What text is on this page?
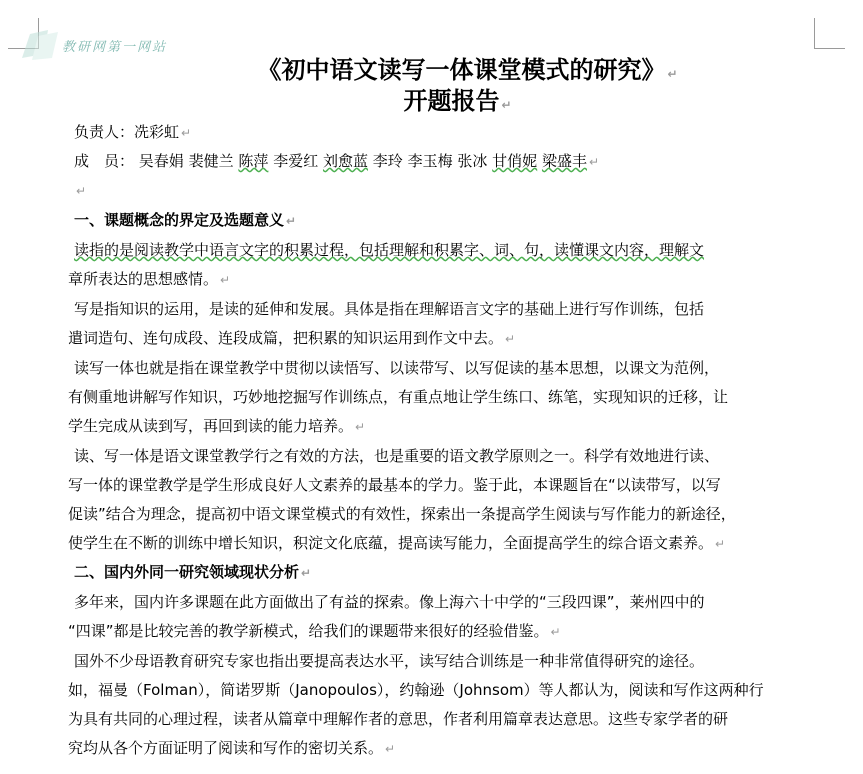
教研网第一网站
《初中语文读写一体课堂模式的研究》 ↵
开题报告 ↵
负责人：冼彩虹 ↵
成　员： 吴春娟 裴健兰 陈萍 李爱红 刘愈蓝 李玲 李玉梅 张冰 甘俏妮 梁盛丰 ↵
↵
一、课题概念的界定及选题意义 ↵
读指的是阅读教学中语言文字的积累过程，包括理解和积累字、词、句，读懂课文内容，理解文
章所表达的思想感情。 ↵
写是指知识的运用，是读的延伸和发展。具体是指在理解语言文字的基础上进行写作训练，包括
遣词造句、连句成段、连段成篇，把积累的知识运用到作文中去。 ↵
读写一体也就是指在课堂教学中贯彻以读悟写、以读带写、以写促读的基本思想，以课文为范例，
有侧重地讲解写作知识，巧妙地挖掘写作训练点，有重点地让学生练口、练笔，实现知识的迁移，让
学生完成从读到写，再回到读的能力培养。 ↵
读、写一体是语文课堂教学行之有效的方法，也是重要的语文教学原则之一。科学有效地进行读、
写一体的课堂教学是学生形成良好人文素养的最基本的学力。鉴于此，本课题旨在“以读带写，以写
促读”结合为理念，提高初中语文课堂模式的有效性，探索出一条提高学生阅读与写作能力的新途径，
使学生在不断的训练中增长知识，积淀文化底蕴，提高读写能力，全面提高学生的综合语文素养。 ↵
二、国内外同一研究领域现状分析 ↵
多年来，国内许多课题在此方面做出了有益的探索。像上海六十中学的“三段四课”，莱州四中的
“四课”都是比较完善的教学新模式，给我们的课题带来很好的经验借鉴。 ↵
国外不少母语教育研究专家也指出要提高表达水平，读写结合训练是一种非常值得研究的途径。
如，福曼（Folman），简诺罗斯（Janopoulos），约翰逊（Johnsom）等人都认为，阅读和写作这两种行
为具有共同的心理过程，读者从篇章中理解作者的意思，作者利用篇章表达意思。这些专家学者的研
究均从各个方面证明了阅读和写作的密切关系。 ↵
